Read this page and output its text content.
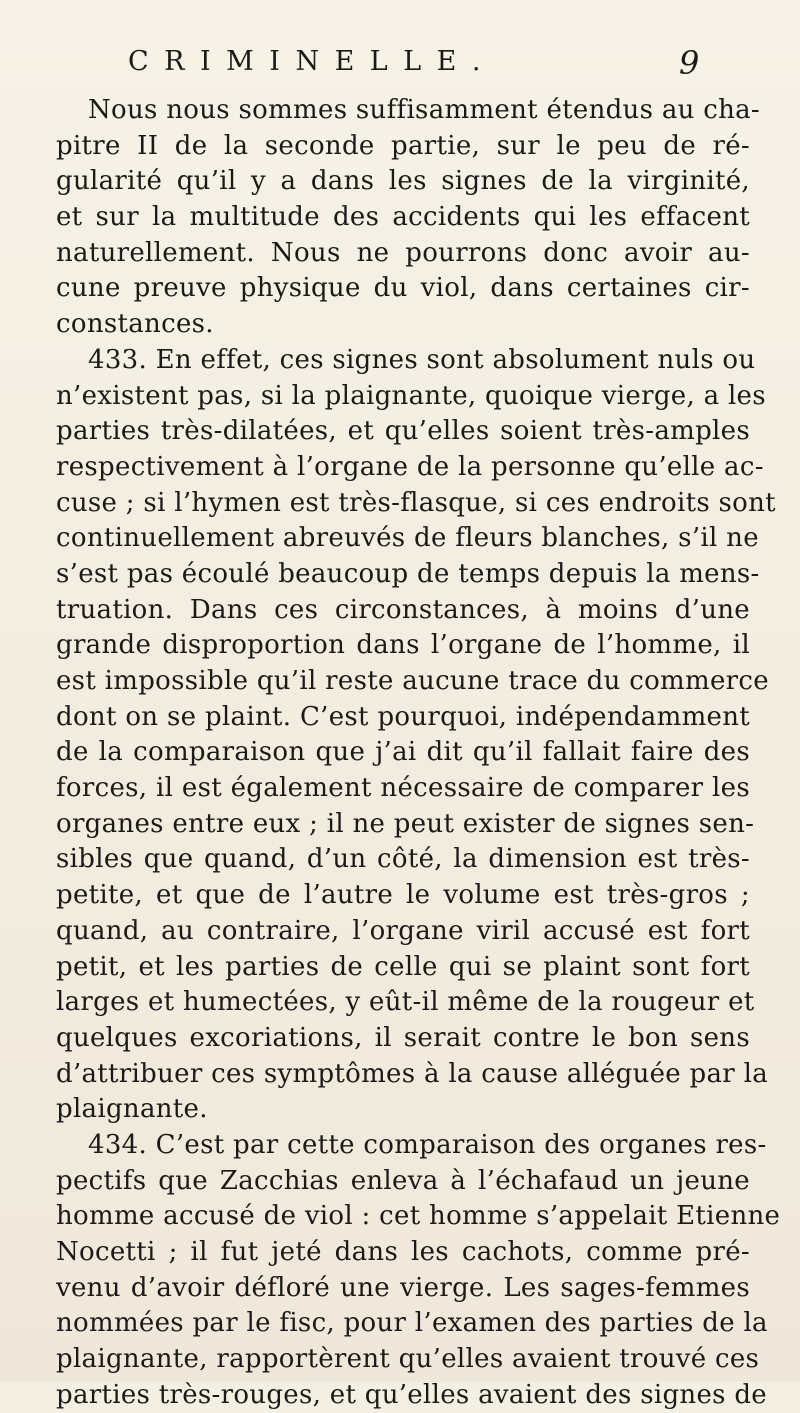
CRIMINELLE.	9
Nous nous sommes suffisamment étendus au cha-
pitre II de la seconde partie, sur le peu de ré-
gularité qu’il y a dans les signes de la virginité,
et sur la multitude des accidents qui les effacent
naturellement. Nous ne pourrons donc avoir au-
cune preuve physique du viol, dans certaines cir-
constances.
433. En effet, ces signes sont absolument nuls ou
n’existent pas, si la plaignante, quoique vierge, a les
parties très-dilatées, et qu’elles soient très-amples
respectivement à l’organe de la personne qu’elle ac-
cuse ; si l’hymen est très-flasque, si ces endroits sont
continuellement abreuvés de fleurs blanches, s’il ne
s’est pas écoulé beaucoup de temps depuis la mens-
truation. Dans ces circonstances, à moins d’une
grande disproportion dans l’organe de l’homme, il
est impossible qu’il reste aucune trace du commerce
dont on se plaint. C’est pourquoi, indépendamment
de la comparaison que j’ai dit qu’il fallait faire des
forces, il est également nécessaire de comparer les
organes entre eux ; il ne peut exister de signes sen-
sibles que quand, d’un côté, la dimension est très-
petite, et que de l’autre le volume est très-gros ;
quand, au contraire, l’organe viril accusé est fort
petit, et les parties de celle qui se plaint sont fort
larges et humectées, y eût-il même de la rougeur et
quelques excoriations, il serait contre le bon sens
d’attribuer ces symptômes à la cause alléguée par la
plaignante.
434. C’est par cette comparaison des organes res-
pectifs que Zacchias enleva à l’échafaud un jeune
homme accusé de viol : cet homme s’appelait Etienne
Nocetti ; il fut jeté dans les cachots, comme pré-
venu d’avoir défloré une vierge. Les sages-femmes
nommées par le fisc, pour l’examen des parties de la
plaignante, rapportèrent qu’elles avaient trouvé ces
parties très-rouges, et qu’elles avaient des signes de
